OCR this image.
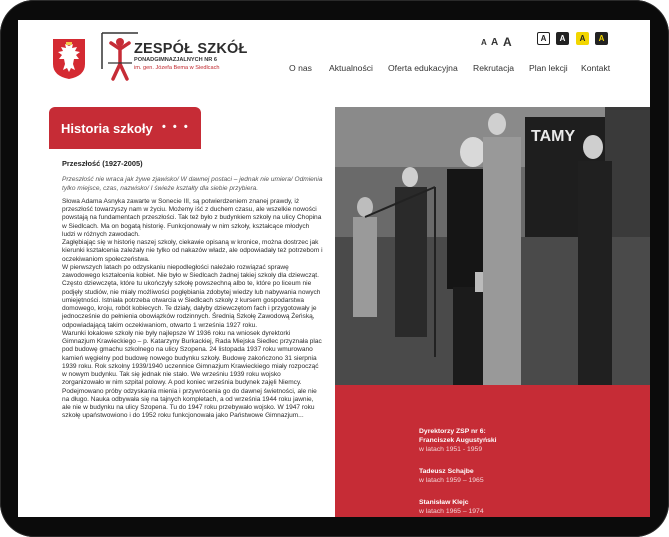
ZESPÓŁ SZKÓŁ
PONADGIMNAZJALNYCH NR 6
im. gen. Józefa Bema w Siedlcach
A A A	A	A	A	A
O nas Aktualności Oferta edukacyjna Rekrutacja Plan lekcji Kontakt
Historia szkoły • • •

Przeszłość (1927-2005)

Przeszłość nie wraca jak żywe zjawisko/ W dawnej postaci – jednak nie umiera/ Odmienia tylko miejsce, czas, nazwisko/ I świeże kształty dla siebie przybiera.

Słowa Adama Asnyka zawarte w Sonecie III, są potwierdzeniem znanej prawdy, iż przeszłość towarzyszy nam w życiu. Możemy iść z duchem czasu, ale wszelkie nowości powstają na fundamentach przeszłości. Tak też było z budynkiem szkoły na ulicy Chopina w Siedlcach. Ma on bogatą historię. Funkcjonowały w nim szkoły, kształcące młodych ludzi w różnych zawodach.

Zagłębiając się w historię naszej szkoły, ciekawie opisaną w kronice, można dostrzec jak kierunki kształcenia zależały nie tylko od nakazów władz, ale odpowiadały też potrzebom i oczekiwaniom społeczeństwa.

W pierwszych latach po odzyskaniu niepodległości należało rozwiązać sprawę zawodowego kształcenia kobiet. Nie było w Siedlcach żadnej takiej szkoły dla dziewcząt. Często dziewczęta, które tu ukończyły szkołę powszechną albo te, które po liceum nie podjęły studiów, nie miały możliwości pogłębiania zdobytej wiedzy lub nabywania nowych umiejętności. Istniała potrzeba otwarcia w Siedlcach szkoły z kursem gospodarstwa domowego, kroju, robót kobiecych. Te działy, dałyby dziewczętom fach i przygotowały je jednocześnie do pełnienia obowiązków rodzinnych. Średnią Szkołę Zawodową Żeńską, odpowiadającą takim oczekiwaniom, otwarto 1 września 1927 roku.

Warunki lokalowe szkoły nie były najlepsze W 1936 roku na wniosek dyrektorki Gimnazjum Krawieckiego – p. Katarzyny Burkackiej, Rada Miejska Siedlec przyznała plac pod budowę gmachu szkolnego na ulicy Szopena. 24 listopada 1937 roku wmurowano kamień węgielny pod budowę nowego budynku szkoły. Budowę zakończono 31 sierpnia 1939 roku. Rok szkolny 1939/1940 uczennice Gimnazjum Krawieckiego miały rozpocząć w nowym budynku. Tak się jednak nie stało. We wrześniu 1939 roku wojsko zorganizowało w nim szpital polowy. A pod koniec września budynek zajęli Niemcy. Podejmowano próby odzyskania mienia i przywrócenia go do dawnej świetności, ale nie na długo. Nauka odbywała się na tajnych kompletach, a od września 1944 roku jawnie, ale nie w budynku na ulicy Szopena. Tu do 1947 roku przebywało wojsko. W 1947 roku szkołę upaństwowiono i do 1952 roku funkcjonowała jako Państwowe Gimnazjum...

TAMY
Dyrektorzy ZSP nr 6:
Franciszek Augustyński
w latach 1951 - 1959
Tadeusz Schajbe
w latach 1959 – 1965
Stanisław Klejc
w latach 1965 – 1974
